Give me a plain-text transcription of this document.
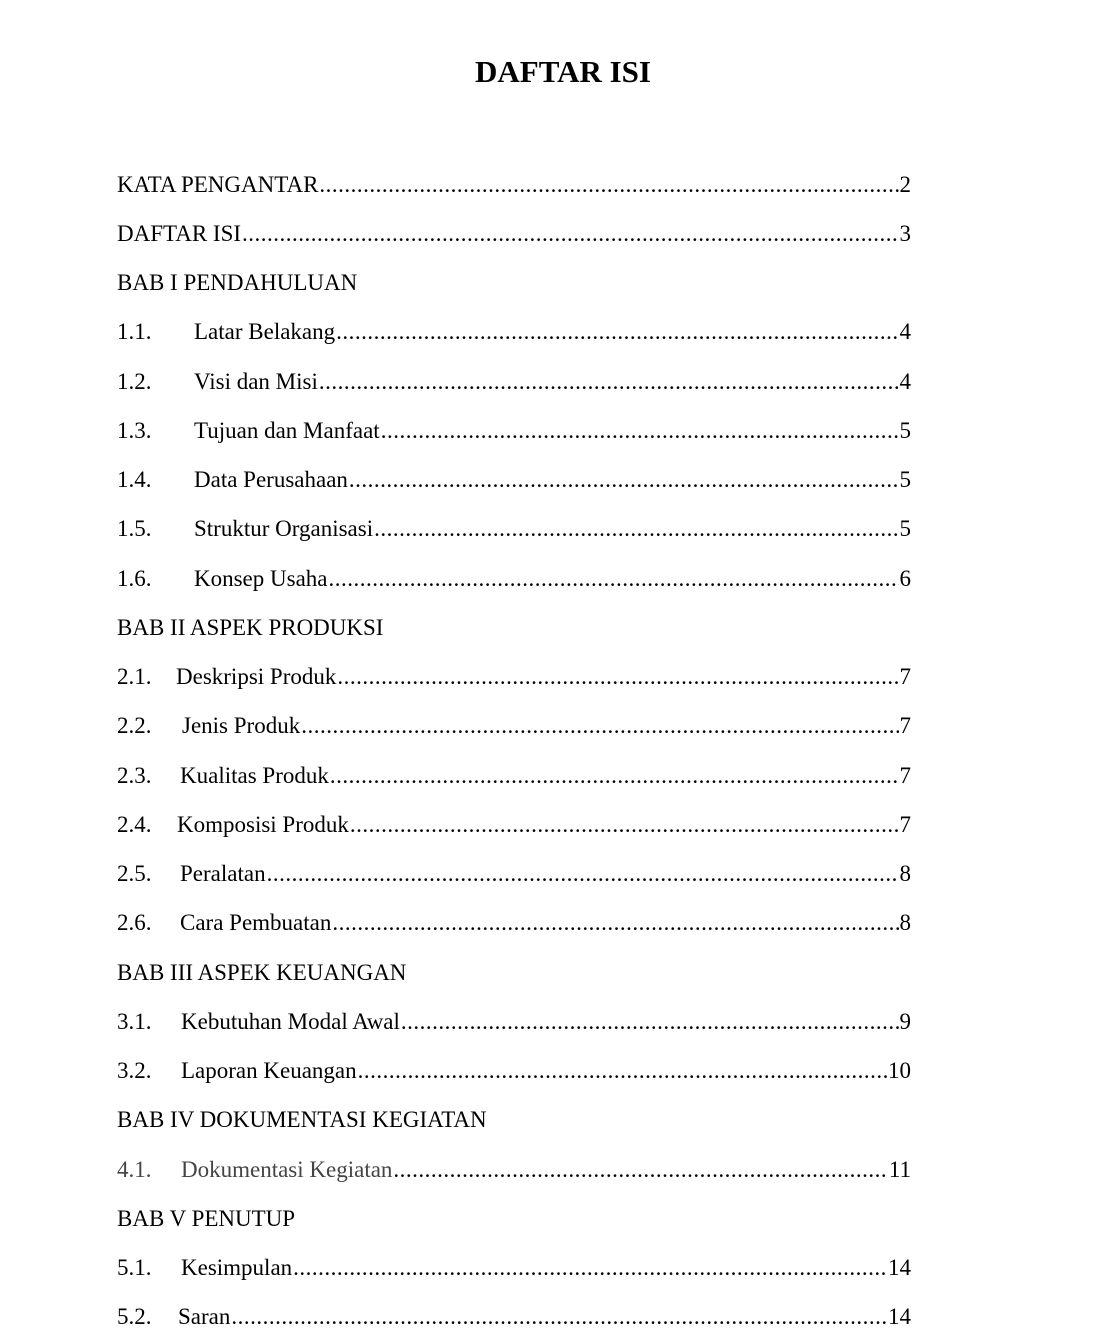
DAFTAR ISI
KATA PENGANTAR .....	2
DAFTAR ISI .....	3
BAB I PENDAHULUAN
1.1.	Latar Belakang .....	4
1.2.	Visi dan Misi .....	4
1.3.	Tujuan dan Manfaat .....	5
1.4.	Data Perusahaan .....	5
1.5.	Struktur Organisasi .....	5
1.6.	Konsep Usaha .....	6
BAB II ASPEK PRODUKSI
2.1.	Deskripsi Produk .....	7
2.2.	Jenis Produk .....	7
2.3.	Kualitas Produk .....	7
2.4.	Komposisi Produk .....	7
2.5.	Peralatan .....	8
2.6.	Cara Pembuatan .....	8
BAB III ASPEK KEUANGAN
3.1.	Kebutuhan Modal Awal .....	9
3.2.	Laporan Keuangan .....	10
BAB IV DOKUMENTASI KEGIATAN
4.1.	Dokumentasi Kegiatan .....	11
BAB V PENUTUP
5.1.	Kesimpulan .....	14
5.2.	Saran .....	14
